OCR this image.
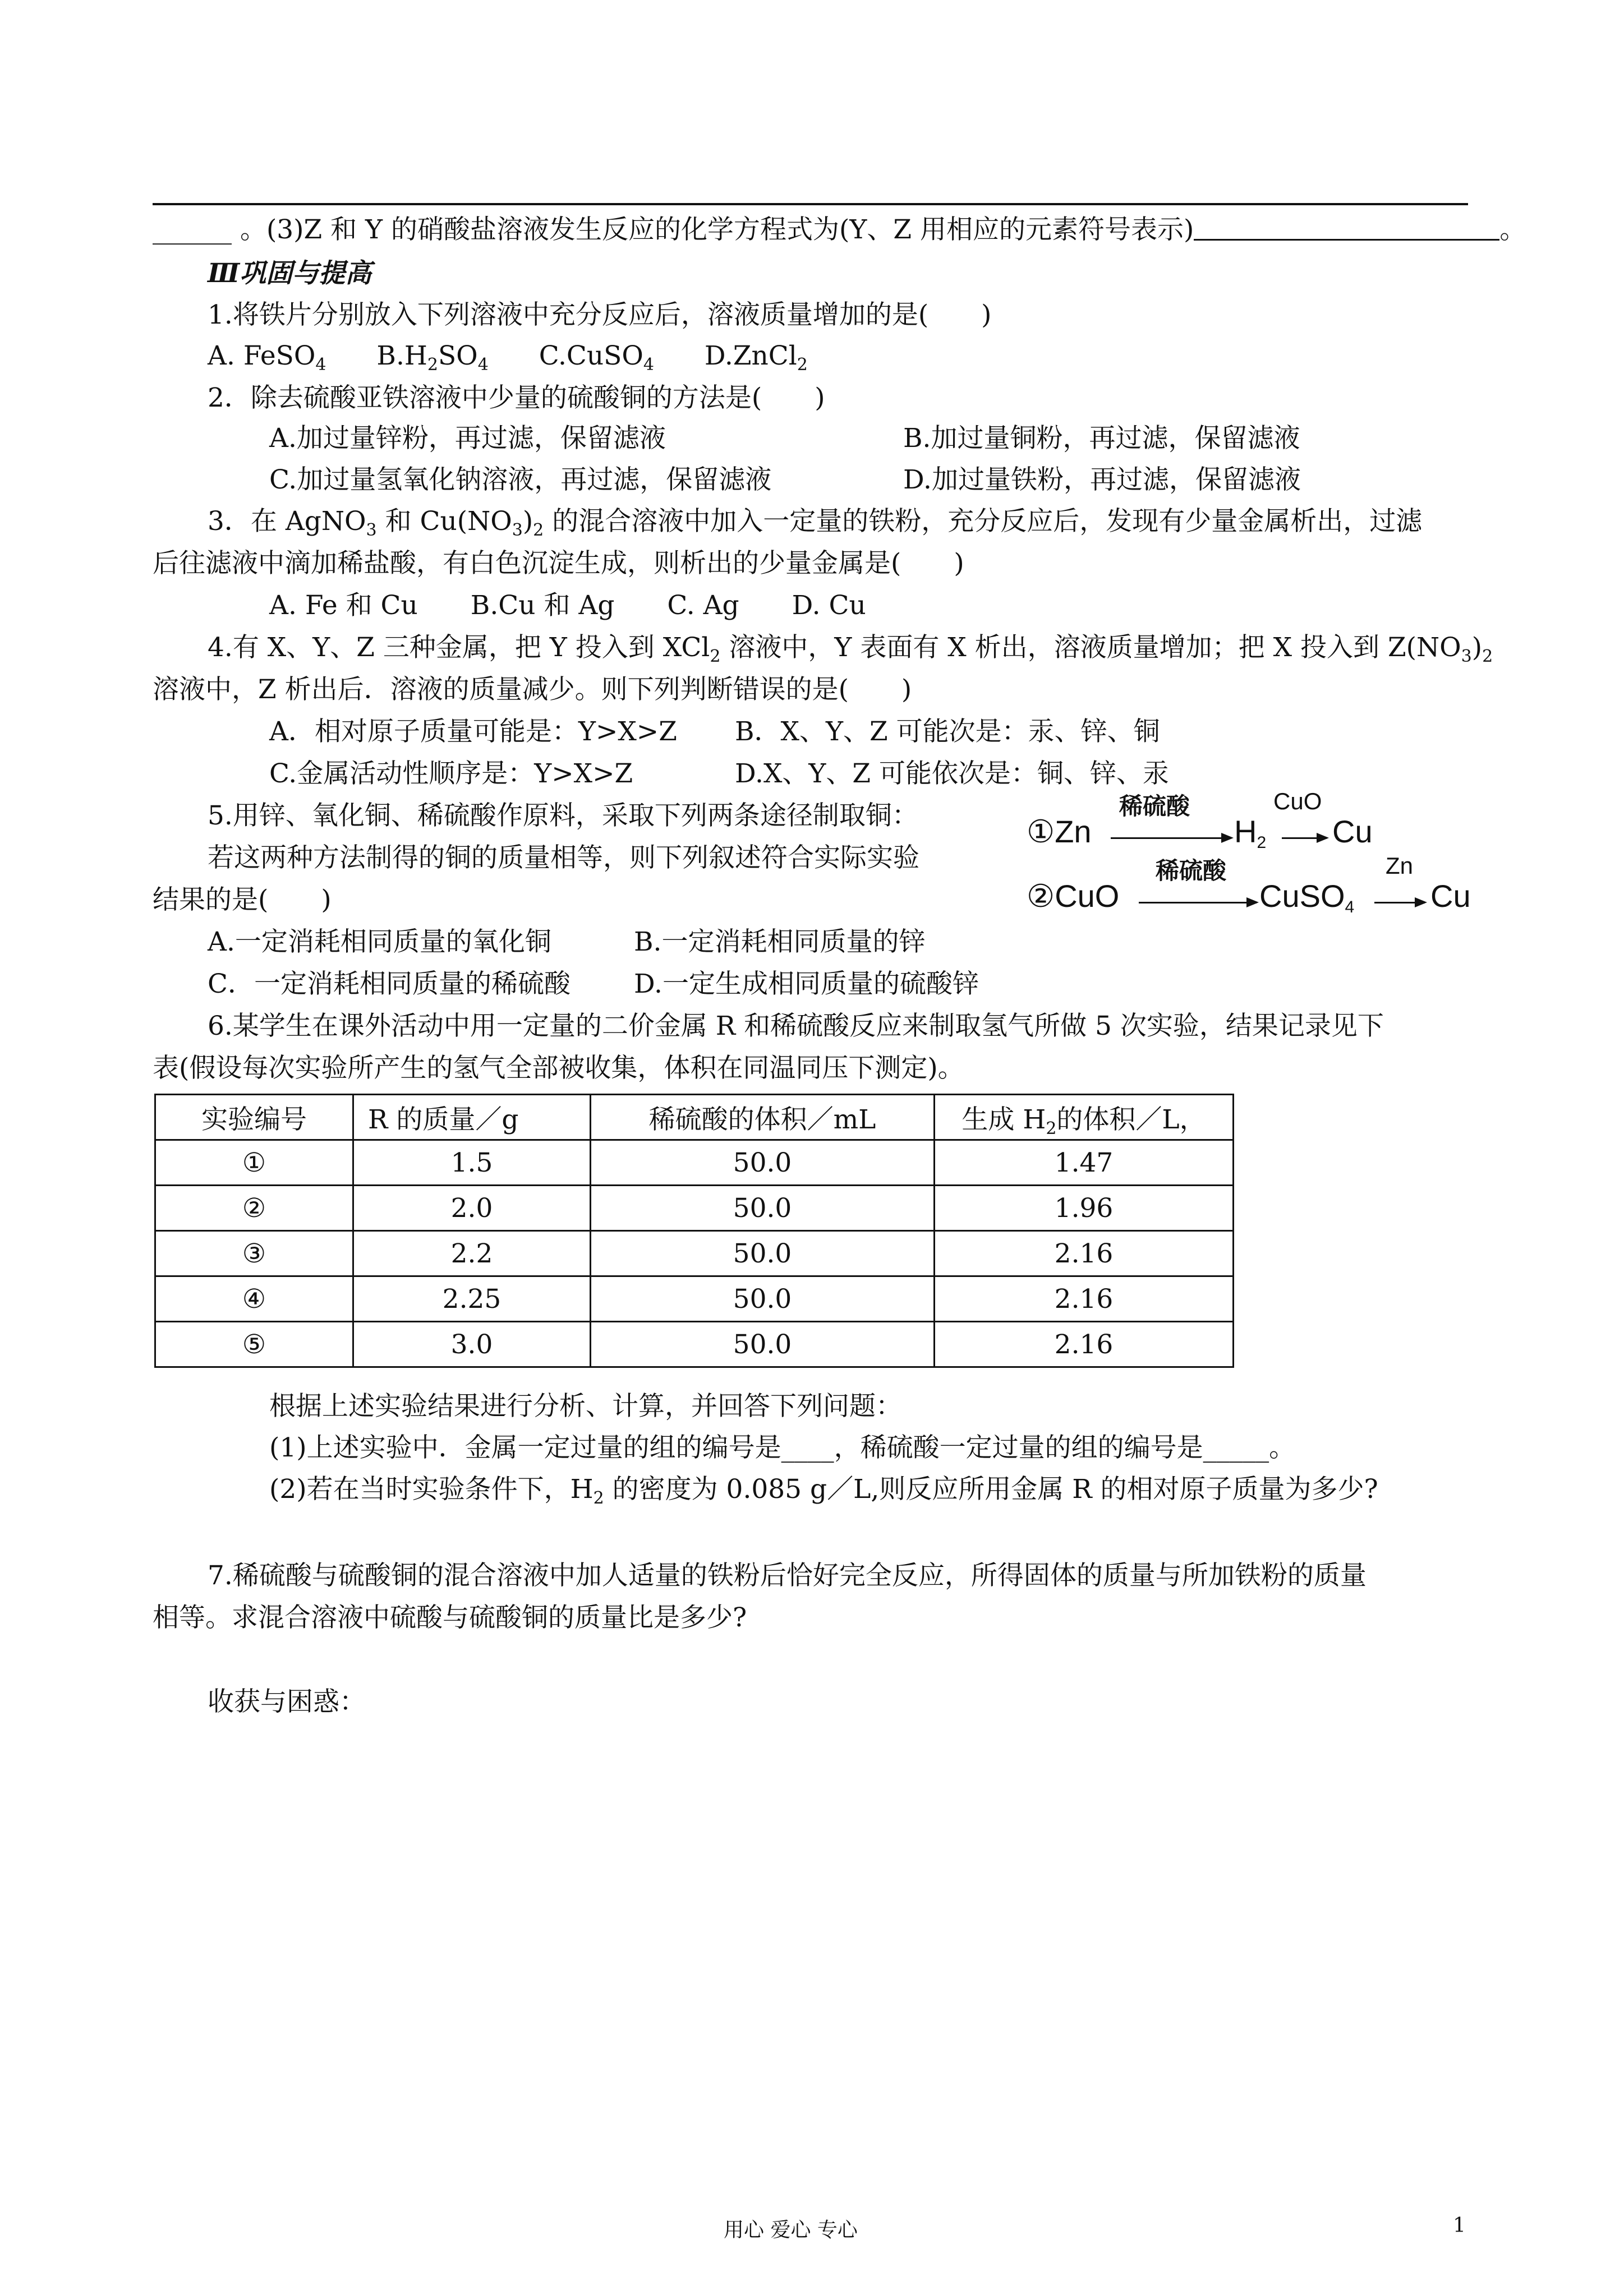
______ 。(3)Z 和 Y 的硝酸盐溶液发生反应的化学方程式为(Y、Z 用相应的元素符号表示)	。
Ⅲ巩固与提高
1.将铁片分别放入下列溶液中充分反应后，溶液质量增加的是(　　)
A. FeSO$_4$ $B.H_2SO_4$ C.CuSO$_4$ D.ZnCl$_2$
2．除去硫酸亚铁溶液中少量的硫酸铜的方法是(　　)
A.加过量锌粉，再过滤，保留滤液	B.加过量铜粉，再过滤，保留滤液
C.加过量氢氧化钠溶液，再过滤，保留滤液	D.加过量铁粉，再过滤，保留滤液
3．在 AgNO$_3$ 和 $Cu(NO_3)_2$ 的混合溶液中加入一定量的铁粉，充分反应后，发现有少量金属析出，过滤
后往滤液中滴加稀盐酸，有白色沉淀生成，则析出的少量金属是(　　)
A. Fe 和 Cu　　B.Cu 和 Ag　　C. Ag　　D. Cu
4.有 X、Y、Z 三种金属，把 Y 投入到 XCl$_2$ 溶液中，Y 表面有 X 析出，溶液质量增加；把 X 投入到 $Z(NO_3)_2$
溶液中，Z 析出后．溶液的质量减少。则下列判断错误的是(　　)
A．相对原子质量可能是：Y>X>Z B．X、Y、Z 可能次是：汞、锌、铜
C.金属活动性顺序是：Y>X>Z	D.X、Y、Z 可能依次是：铜、锌、汞
5.用锌、氧化铜、稀硫酸作原料，采取下列两条途径制取铜：
若这两种方法制得的铜的质量相等，则下列叙述符合实际实验
结果的是(　　)
A.一定消耗相同质量的氧化铜	B.一定消耗相同质量的锌
C．一定消耗相同质量的稀硫酸 D.一定生成相同质量的硫酸锌
①Zn
稀硫酸
$H_2$
CuO
Cu
②CuO
稀硫酸
CuSO$_4$
Zn
Cu
6.某学生在课外活动中用一定量的二价金属 R 和稀硫酸反应来制取氢气所做 5 次实验，结果记录见下
表(假设每次实验所产生的氢气全部被收集，体积在同温同压下测定)。
实验编号	R 的质量／g	稀硫酸的体积／mL	生成 $H_2$的体积／L，
①	1.5	50.0	1.47
②	2.0	50.0	1.96
③	2.2	50.0	2.16
④	2.25	50.0	2.16
⑤	3.0	50.0	2.16
根据上述实验结果进行分析、计算，并回答下列问题：
(1)上述实验中．金属一定过量的组的编号是____，稀硫酸一定过量的组的编号是_____。
(2)若在当时实验条件下，$H_2$ 的密度为 0.085 g／L,则反应所用金属 R 的相对原子质量为多少?
7.稀硫酸与硫酸铜的混合溶液中加人适量的铁粉后恰好完全反应，所得固体的质量与所加铁粉的质量
相等。求混合溶液中硫酸与硫酸铜的质量比是多少?
收获与困惑：
用心 爱心 专心	1
